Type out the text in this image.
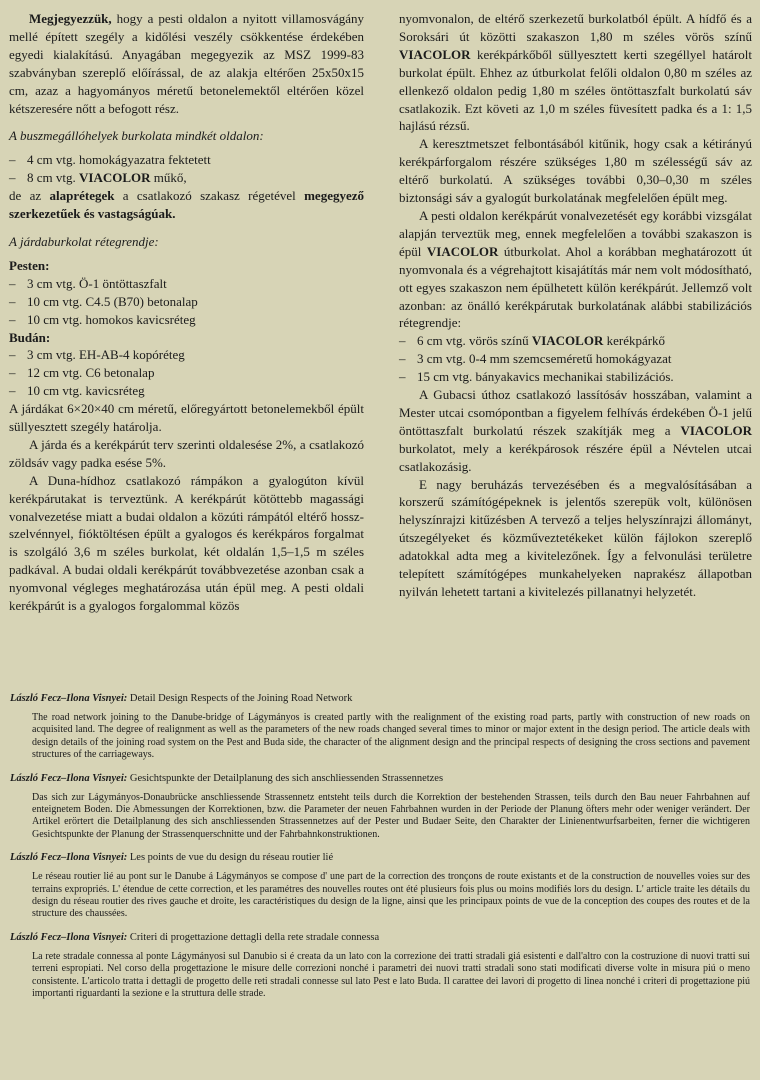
Megjegyezzük, hogy a pesti oldalon a nyitott villamosvágány mellé épített szegély a kidőlési veszély csökkentése érdekében egyedi kialakítású. Anyagában megegyezik az MSZ 1999-83 szabványban szereplő előírással, de az alakja eltérően 25x50x15 cm, azaz a hagyományos méretű betonelemektől eltérően közel kétszeresére nőtt a befogott rész.

A buszmegállóhelyek burkolata mindkét oldalon:

– 4 cm vtg. homokágyazatra fektetett
– 8 cm vtg. VIACOLOR műkő,

de az alaprétegek a csatlakozó szakasz régetével megegyező szerkezetűek és vastagságúak.

A járdaburkolat rétegrendje:

Pesten:
– 3 cm vtg. Ö-1 öntöttaszfalt
– 10 cm vtg. C4.5 (B70) betonalap
– 10 cm vtg. homokos kavicsréteg
Budán:
– 3 cm vtg. EH-AB-4 kopóréteg
– 12 cm vtg. C6 betonalap
– 10 cm vtg. kavicsréteg

A járdákat 6×20×40 cm méretű, előregyártott betonelemekből épült süllyesztett szegély határolja.

A járda és a kerékpárút terv szerinti oldalesése 2%, a csatlakozó zöldsáv vagy padka esése 5%.

A Duna-hídhoz csatlakozó rámpákon a gyalogúton kívül kerékpárutakat is terveztünk. A kerékpárút kötöttebb magassági vonalvezetése miatt a budai oldalon a közúti rámpától eltérő hossz-szelvénnyel, fióktöltésen épült a gyalogos és kerékpáros forgalmat is szolgáló 3,6 m széles burkolat, két oldalán 1,5–1,5 m széles padkával. A budai oldali kerékpárút továbbvezetése azonban csak a nyomvonal végleges meghatározása után épül meg. A pesti oldali kerékpárút is a gyalogos forgalommal közös

nyomvonalon, de eltérő szerkezetű burkolatból épült. A hídfő és a Soroksári út közötti szakaszon 1,80 m széles vörös színű VIACOLOR kerékpárkőből süllyesztett kerti szegéllyel határolt burkolat épült. Ehhez az útburkolat felőli oldalon 0,80 m széles az ellenkező oldalon pedig 1,80 m széles öntöttaszfalt burkolatú sáv csatlakozik. Ezt követi az 1,0 m széles füvesített padka és a 1: 1,5 hajlású rézsű.

A keresztmetszet felbontásából kitűnik, hogy csak a kétirányú kerékpárforgalom részére szükséges 1,80 m szélességű sáv az eltérő burkolatú. A szükséges további 0,30–0,30 m széles biztonsági sáv a gyalogút burkolatának megfelelően épült meg.

A pesti oldalon kerékpárút vonalvezetését egy korábbi vizsgálat alapján terveztük meg, ennek megfelelően a további szakaszon is épül VIACOLOR útburkolat. Ahol a korábban meghatározott út nyomvonala és a végrehajtott kisajátítás már nem volt módosítható, ott egyes szakaszon nem épülhetett külön kerékpárút. Jellemző volt azonban: az önálló kerékpárutak burkolatának alábbi stabilizációs rétegrendje:

– 6 cm vtg. vörös színű VIACOLOR kerékpárkő
– 3 cm vtg. 0-4 mm szemcseméretű homokágyazat
– 15 cm vtg. bányakavics mechanikai stabilizációs.

A Gubacsi úthoz csatlakozó lassítósáv hosszában, valamint a Mester utcai csomópontban a figyelem felhívás érdekében Ö-1 jelű öntöttaszfalt burkolatú részek szakítják meg a VIACOLOR burkolatot, mely a kerékpárosok részére épül a Névtelen utcai csatlakozásig.

E nagy beruházás tervezésében és a megvalósításában a korszerű számítógépeknek is jelentős szerepük volt, különösen helyszínrajzi kitűzésben A tervező a teljes helyszínrajzi állományt, útszegélyeket és közműveztetékeket külön fájlokon szereplő adatokkal adta meg a kivitelezőnek. Így a felvonulási területre telepített számítógépes munkahelyeken naprakész állapotban nyilván lehetett tartani a kivitelezés pillanatnyi helyzetét.

László Fecz–Ilona Visnyei: Detail Design Respects of the Joining Road Network

The road network joining to the Danube-bridge of Lágymányos is created partly with the realignment of the existing road parts, partly with construction of new roads on acquisited land. The degree of realignment as well as the parameters of the new roads changed several times to minor or major extent in the design period. The article deals with design details of the joining road system on the Pest and Buda side, the character of the alignment design and the principal respects of designing the cross sections and pavement structures of the carriageways.

László Fecz–Ilona Visnyei: Gesichtspunkte der Detailplanung des sich anschliessenden Strassennetzes

Das sich zur Lágymányos-Donaubrücke anschliessende Strassennetz entsteht teils durch die Korrektion der bestehenden Strassen, teils durch den Bau neuer Fahrbahnen auf enteignetem Boden. Die Abmessungen der Korrektionen, bzw. die Parameter der neuen Fahrbahnen wurden in der Periode der Planung öfters mehr oder weniger verändert. Der Artikel erörtert die Detailplanung des sich anschliessenden Strassennetzes auf der Pester und Budaer Seite, den Charakter der Linienentwurfsarbeiten, ferner die wichtigeren Gesichtspunkte der Planung der Strassenquerschnitte und der Fahrbahnkonstruktionen.

László Fecz–Ilona Visnyei: Les points de vue du design du réseau routier lié

Le réseau routier lié au pont sur le Danube á Lágymányos se compose d' une part de la correction des tronçons de route existants et de la construction de nouvelles voies sur des terrains expropriés. L' étendue de cette correction, et les paramétres des nouvelles routes ont été plusieurs fois plus ou moins modifiés lors du design. L' article traite les détails du design du réseau routier des rives gauche et droite, les caractéristiques du design de la ligne, ainsi que les principaux points de vue de la conception des coupes des routes et de la structure des chaussées.

László Fecz–Ilona Visnyei: Criteri di progettazione dettagli della rete stradale connessa

La rete stradale connessa al ponte Lágymányosi sul Danubio si é creata da un lato con la correzione dei tratti stradali giá esistenti e dall'altro con la costruzione di nuovi tratti sui terreni espropiati. Nel corso della progettazione le misure delle correzioni nonché i parametri dei nuovi tratti stradali sono stati modificati diverse volte in misura piú o meno consistente. L'articolo tratta i dettagli de progetto delle reti stradali connesse sul lato Pest e lato Buda. Il carattee dei lavori di progetto di linea nonché i criteri di progettazione piú importanti riguardanti la sezione e la struttura delle strade.
